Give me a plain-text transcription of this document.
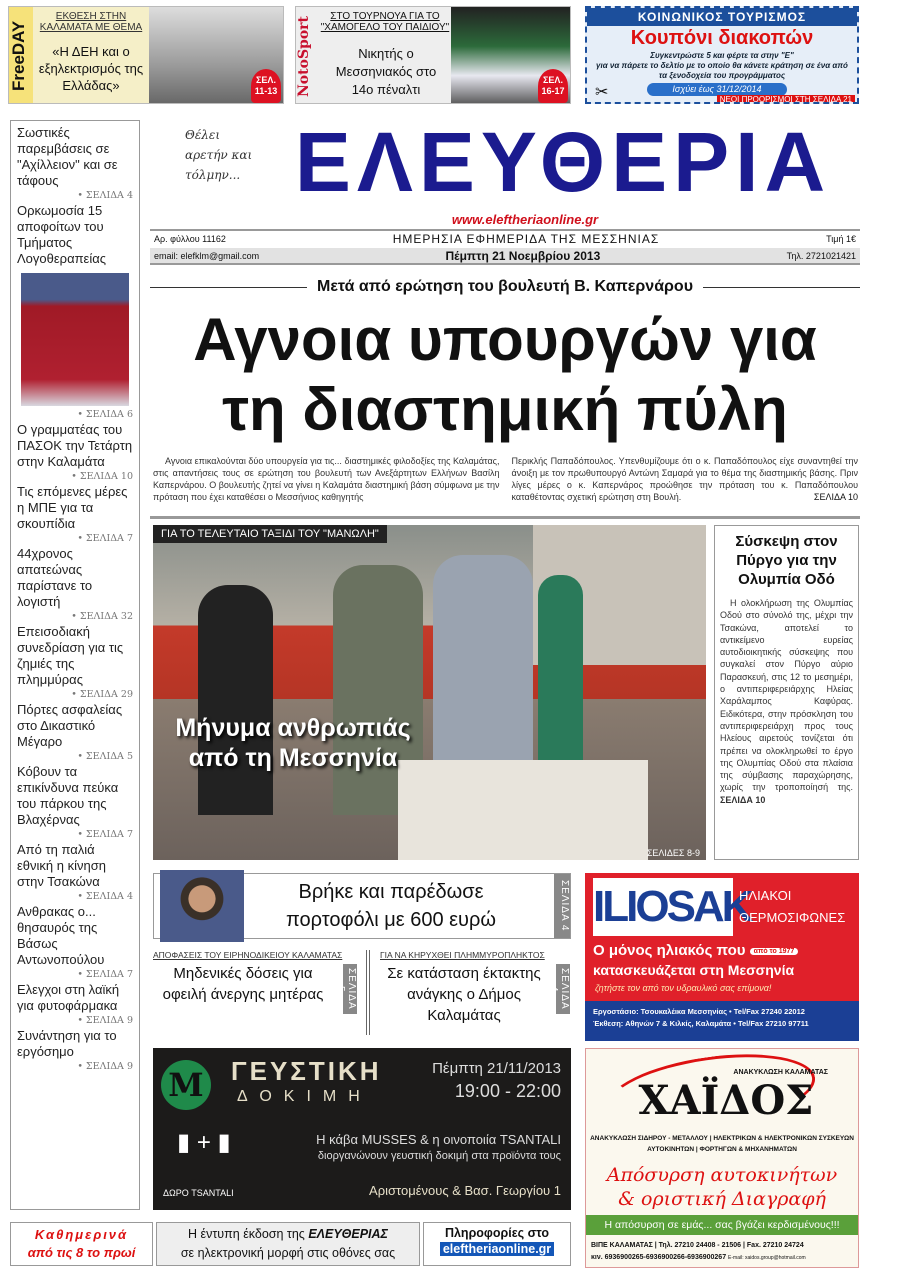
FreeDAY
ΕΚΘΕΣΗ ΣΤΗΝ ΚΑΛΑΜΑΤΑ ΜΕ ΘΕΜΑ
«Η ΔΕΗ και ο εξηλεκτρισμός της Ελλάδας»	ΣΕΛ. 11-13 NotoSport	ΣΤΟ ΤΟΥΡΝΟΥΑ ΓΙΑ ΤΟ "ΧΑΜΟΓΕΛΟ ΤΟΥ ΠΑΙΔΙΟΥ"
Νικητής ο Μεσσηνιακός στο 14ο πέναλτι
ΣΕΛ. 16-17
ΚΟΙΝΩΝΙΚΟΣ ΤΟΥΡΙΣΜΟΣ
Κουπόνι διακοπών
Συγκεντρώστε 5 και φέρτε τα στην "Ε"
για να πάρετε το δελτίο με το οποίο θα κάνετε κράτηση σε ένα από τα ξενοδοχεία του προγράμματος
✂	Ισχύει έως 31/12/2014
ΝΕΟΙ ΠΡΟΟΡΙΣΜΟΙ ΣΤΗ ΣΕΛΙΔΑ 21
Σωστικές παρεμβάσεις σε "Αχίλλειον" και σε τάφους
• ΣΕΛΙΔΑ 4
Ορκωμοσία 15 αποφοίτων του Τμήματος Λογοθεραπείας
• ΣΕΛΙΔΑ 6
Ο γραμματέας του ΠΑΣΟΚ την Τετάρτη στην Καλαμάτα
• ΣΕΛΙΔΑ 10
Τις επόμενες μέρες η ΜΠΕ για τα σκουπίδια
• ΣΕΛΙΔΑ 7
44χρονος απατεώνας παρίστανε το λογιστή
• ΣΕΛΙΔΑ 32
Επεισοδιακή συνεδρίαση για τις ζημιές της πλημμύρας
• ΣΕΛΙΔΑ 29
Πόρτες ασφαλείας στο Δικαστικό Μέγαρο
• ΣΕΛΙΔΑ 5
Κόβουν τα επικίνδυνα πεύκα του πάρκου της Βλαχέρνας
• ΣΕΛΙΔΑ 7
Από τη παλιά εθνική η κίνηση στην Τσακώνα
• ΣΕΛΙΔΑ 4
Ανθρακας ο... θησαυρός της Βάσως Αντωνοπούλου
• ΣΕΛΙΔΑ 7
Ελεγχοι στη λαϊκή για φυτοφάρμακα
• ΣΕΛΙΔΑ 9
Συνάντηση για το εργόσημο
• ΣΕΛΙΔΑ 9
Θέλει αρετήν και τόλμην... ΕΛΕΥΘΕΡΙΑ
www.eleftheriaonline.gr
Αρ. φύλλου 11162	ΗΜΕΡΗΣΙΑ ΕΦΗΜΕΡΙΔΑ ΤΗΣ ΜΕΣΣΗΝΙΑΣ	Τιμή 1€
email: elefklm@gmail.com	Πέμπτη 21 Νοεμβρίου 2013	Τηλ. 2721021421
Μετά από ερώτηση του βουλευτή Β. Καπερνάρου
Αγνοια υπουργών για
τη διαστημική πύλη

Αγνοια επικαλούνται δύο υπουργεία για τις... διαστημικές φιλοδοξίες της Καλαμάτας, στις απαντήσεις τους σε ερώτηση του βουλευτή των Ανεξάρτητων Ελλήνων Βασίλη Καπερνάρου. Ο βουλευτής ζητεί να γίνει η Καλαμάτα διαστημική βάση σύμφωνα με την πρόταση που έχει καταθέσει ο Μεσσήνιος καθηγητής

Περικλής Παπαδόπουλος. Υπενθυμίζουμε ότι ο κ. Παπαδόπουλος είχε συναντηθεί την άνοιξη με τον πρωθυπουργό Αντώνη Σαμαρά για το θέμα της διαστημικής βάσης. Πριν λίγες μέρες ο κ. Καπερνάρος προώθησε την πρόταση του κ. Παπαδόπουλου καταθέτοντας σχετική ερώτηση στη Βουλή.	ΣΕΛΙΔΑ 10

ΓΙΑ ΤΟ ΤΕΛΕΥΤΑΙΟ ΤΑΞΙΔΙ ΤΟΥ "ΜΑΝΩΛΗ"
Μήνυμα ανθρωπιάς
από τη Μεσσηνία
ΣΕΛΙΔΕΣ 8-9
Σύσκεψη στον Πύργο για την Ολυμπία Οδό

Η ολοκλήρωση της Ολυμπίας Οδού στο σύνολό της, μέχρι την Τσακώνα, αποτελεί το αντικείμενο ευρείας αυτοδιοικητικής σύσκεψης που συγκαλεί στον Πύργο αύριο Παρασκευή, στις 12 το μεσημέρι, ο αντιπεριφερειάρχης Ηλείας Χαράλαμπος Καφύρας. Ειδικότερα, στην πρόσκληση του αντιπεριφερειάρχη προς τους Ηλείους αιρετούς τονίζεται ότι πρέπει να ολοκληρωθεί το έργο της Ολυμπίας Οδού στα πλαίσια της σύμβασης παραχώρησης, χωρίς την τροποποίησή της. ΣΕΛΙΔΑ 10

Βρήκε και παρέδωσε
πορτοφόλι με 600 ευρώ	ΣΕΛΙΔΑ 4
ΑΠΟΦΑΣΕΙΣ ΤΟΥ ΕΙΡΗΝΟΔΙΚΕΙΟΥ ΚΑΛΑΜΑΤΑΣ
Μηδενικές δόσεις για οφειλή άνεργης μητέρας	ΣΕΛΙΔΑ 5
ΓΙΑ ΝΑ ΚΗΡΥΧΘΕΙ ΠΛΗΜΜΥΡΟΠΛΗΚΤΟΣ
Σε κατάσταση έκτακτης ανάγκης ο Δήμος Καλαμάτας
ΣΕΛΙΔΑ 4
ILIOSAK
ΗΛΙΑΚΟΙ
ΘΕΡΜΟΣΙΦΩΝΕΣ
Ο μόνος ηλιακός που από το 1977
κατασκευάζεται στη Μεσσηνία
ζητήστε τον από τον υδραυλικό σας επίμονα!
Εργοστάσιο: Τσουκαλέικα Μεσσηνίας • Tel/Fax 27240 22012
Έκθεση: Αθηνών 7 & Κιλκίς, Καλαμάτα • Tel/Fax 27210 97711
M ΓΕΥΣΤΙΚΗ
ΔΟΚΙΜΗ
Πέμπτη 21/11/2013
19:00 - 22:00
▮ + ▮
ΔΩΡΟ TSANTALI
Η κάβα MUSSES & η οινοποιία TSANTALI
διοργανώνουν γευστική δοκιμή στα προϊόντα τους
Αριστομένους & Βασ. Γεωργίου 1
ΑΝΑΚΥΚΛΩΣΗ ΚΑΛΑΜΑΤΑΣ
ΧΑΪΔΟΣ
ΑΝΑΚΥΚΛΩΣΗ ΣΙΔΗΡΟΥ - ΜΕΤΑΛΛΟΥ | ΗΛΕΚΤΡΙΚΩΝ & ΗΛΕΚΤΡΟΝΙΚΩΝ ΣΥΣΚΕΥΩΝ
ΑΥΤΟΚΙΝΗΤΩΝ | ΦΟΡΤΗΓΩΝ & ΜΗΧΑΝΗΜΑΤΩΝ
Απόσυρση αυτοκινήτων
& οριστική Διαγραφή
Η απόσυρση σε εμάς... σας βγάζει κερδισμένους!!!
ΒΙΠΕ ΚΑΛΑΜΑΤΑΣ | Τηλ. 27210 24408 - 21506 | Fax. 27210 24724
κιν. 6936900265-6936900266-6936900267 E-mail: xaidos.group@hotmail.com
Καθημερινά
από τις 8 το πρωί
Η έντυπη έκδοση της ΕΛΕΥΘΕΡΙΑΣ
σε ηλεκτρονική μορφή στις οθόνες σας
Πληροφορίες στο
eleftheriaonline.gr
